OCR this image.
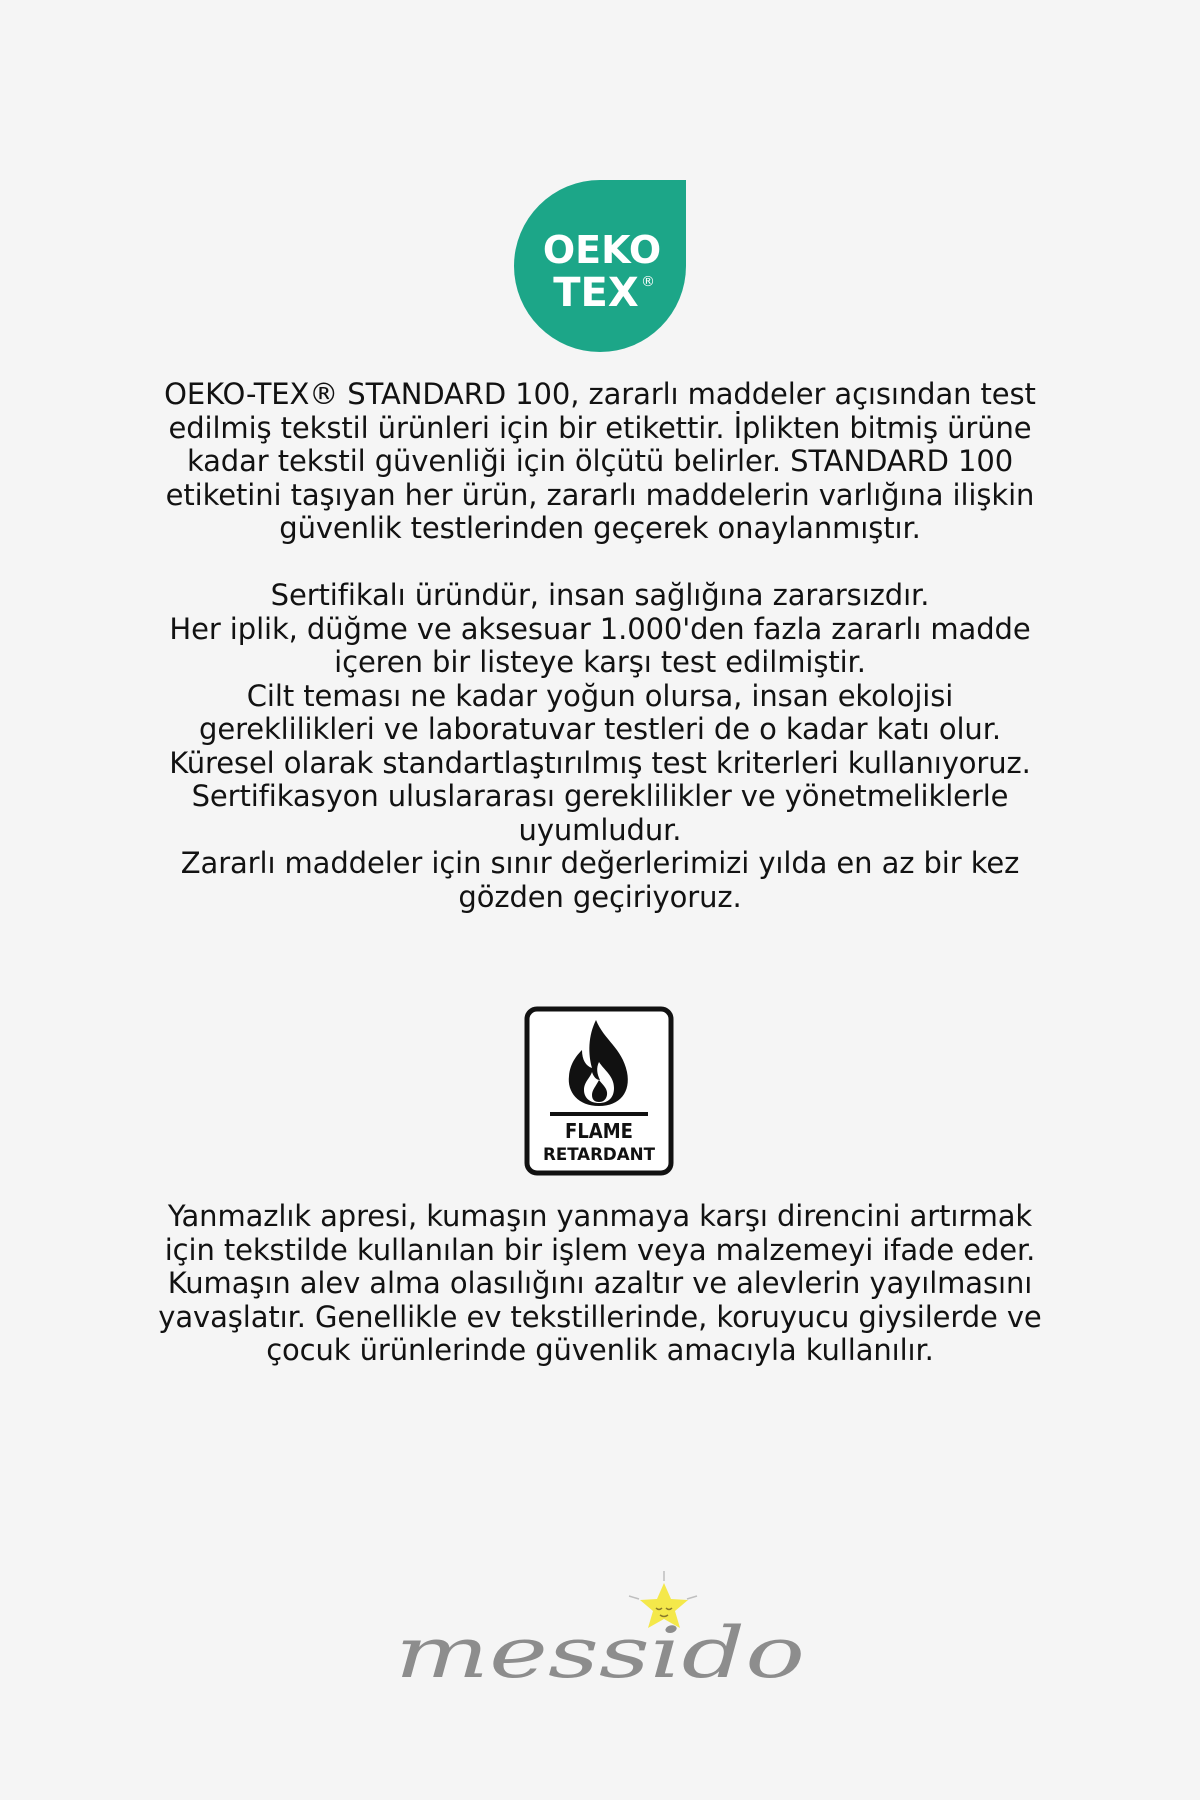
OEKO
TEX ®
OEKO-TEX® STANDARD 100, zararlı maddeler açısından test
edilmiş tekstil ürünleri için bir etikettir. İplikten bitmiş ürüne
kadar tekstil güvenliği için ölçütü belirler. STANDARD 100
etiketini taşıyan her ürün, zararlı maddelerin varlığına ilişkin
güvenlik testlerinden geçerek onaylanmıştır.
Sertifikalı üründür, insan sağlığına zararsızdır.
Her iplik, düğme ve aksesuar 1.000'den fazla zararlı madde
içeren bir listeye karşı test edilmiştir.
Cilt teması ne kadar yoğun olursa, insan ekolojisi
gereklilikleri ve laboratuvar testleri de o kadar katı olur.
Küresel olarak standartlaştırılmış test kriterleri kullanıyoruz.
Sertifikasyon uluslararası gereklilikler ve yönetmeliklerle
uyumludur.
Zararlı maddeler için sınır değerlerimizi yılda en az bir kez
gözden geçiriyoruz.
FLAME
RETARDANT
Yanmazlık apresi, kumaşın yanmaya karşı direncini artırmak
için tekstilde kullanılan bir işlem veya malzemeyi ifade eder.
Kumaşın alev alma olasılığını azaltır ve alevlerin yayılmasını
yavaşlatır. Genellikle ev tekstillerinde, koruyucu giysilerde ve
çocuk ürünlerinde güvenlik amacıyla kullanılır.
messido
